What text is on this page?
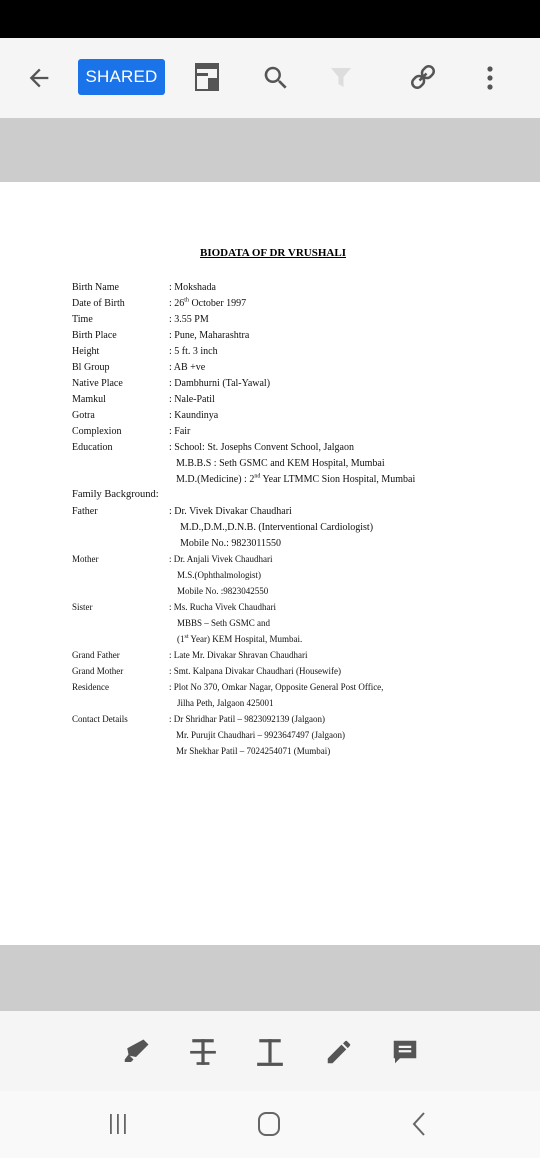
SHARED
BIODATA OF DR VRUSHALI
Birth Name	: Mokshada
Date of Birth	: 26th October 1997
Time	: 3.55 PM
Birth Place	: Pune, Maharashtra
Height	: 5 ft. 3 inch
Bl Group	: AB +ve
Native Place	: Dambhurni (Tal-Yawal)
Mamkul	: Nale-Patil
Gotra	: Kaundinya
Complexion	: Fair
Education	: School: St. Josephs Convent School, Jalgaon
M.B.B.S : Seth GSMC and KEM Hospital, Mumbai
M.D.(Medicine) : 2nd Year LTMMC Sion Hospital, Mumbai
Family Background:
Father	: Dr. Vivek Divakar Chaudhari
M.D.,D.M.,D.N.B. (Interventional Cardiologist)
Mobile No.: 9823011550
Mother	: Dr. Anjali Vivek Chaudhari
M.S.(Ophthalmologist)
Mobile No. :9823042550
Sister	: Ms. Rucha Vivek Chaudhari
MBBS – Seth GSMC and
(1st Year) KEM Hospital, Mumbai.
Grand Father	: Late Mr. Divakar Shravan Chaudhari
Grand Mother	: Smt. Kalpana Divakar Chaudhari (Housewife)
Residence	: Plot No 370, Omkar Nagar, Opposite General Post Office,
Jilha Peth, Jalgaon 425001
Contact Details	: Dr Shridhar Patil – 9823092139 (Jalgaon)
Mr. Purujit Chaudhari – 9923647497 (Jalgaon)
Mr Shekhar Patil – 7024254071 (Mumbai)
